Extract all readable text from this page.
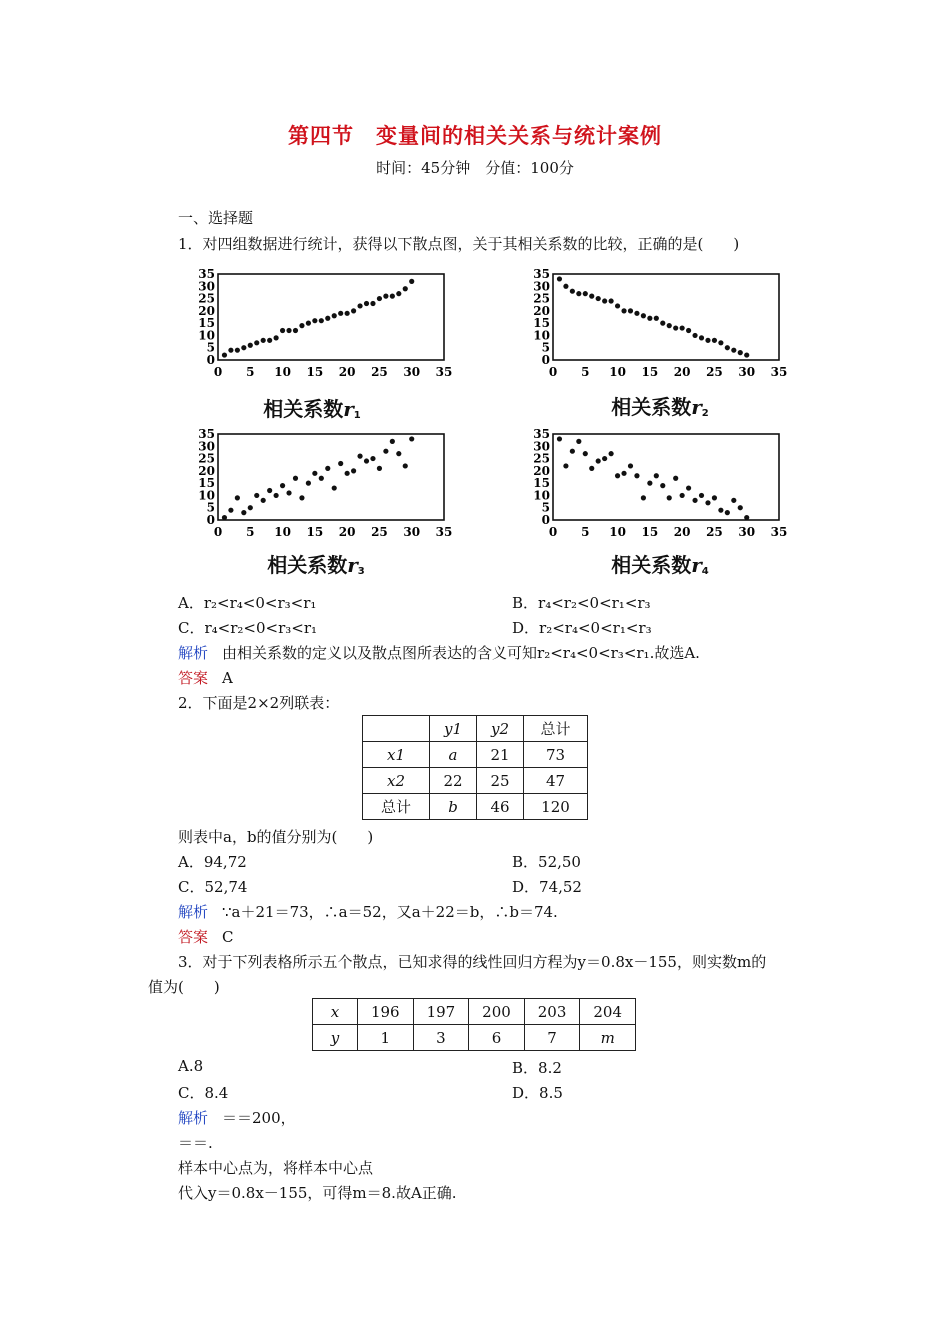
第四节　变量间的相关关系与统计案例
时间：45分钟　分值：100分
一、选择题
1．对四组数据进行统计，获得以下散点图，关于其相关系数的比较，正确的是(　　)
0
5
10
15
20
25
30
35
0 5 10 15 20 25 30 35
0
5
10
15
20
25
30
35
0 5 10 15 20 25 30 35
0
5
10
15
20
25
30
35
0 5 10 15 20 25 30 35
0
5
10
15
20
25
30
35
0 5 10 15 20 25 30 35
相关系数$r_1$	相关系数$r_2$
相关系数$r_3$	相关系数$r_4$
A．r₂<r₄<0<r₃<r₁	B．r₄<r₂<0<r₁<r₃
C．r₄<r₂<0<r₃<r₁	D．r₂<r₄<0<r₁<r₃
解析 由相关系数的定义以及散点图所表达的含义可知r₂<r₄<0<r₃<r₁.故选A.
答案 A
2．下面是2×2列联表：
	y1	y2	总计
x1	a	21	73
x2	22	25	47
总计	b	46	120
则表中a，b的值分别为(　　)
A．94,72	B．52,50
C．52,74	D．74,52
解析 ∵a＋21＝73，∴a＝52，又a＋22＝b，∴b＝74.
答案 C
3．对于下列表格所示五个散点，已知求得的线性回归方程为y＝0.8x－155，则实数m的
值为(　　)
x	196	197	200	203	204
y	1	3	6	7	m
A.8	B．8.2
C．8.4	D．8.5
解析 ＝＝200，
＝＝.
样本中心点为，将样本中心点
代入y＝0.8x－155，可得m＝8.故A正确.
